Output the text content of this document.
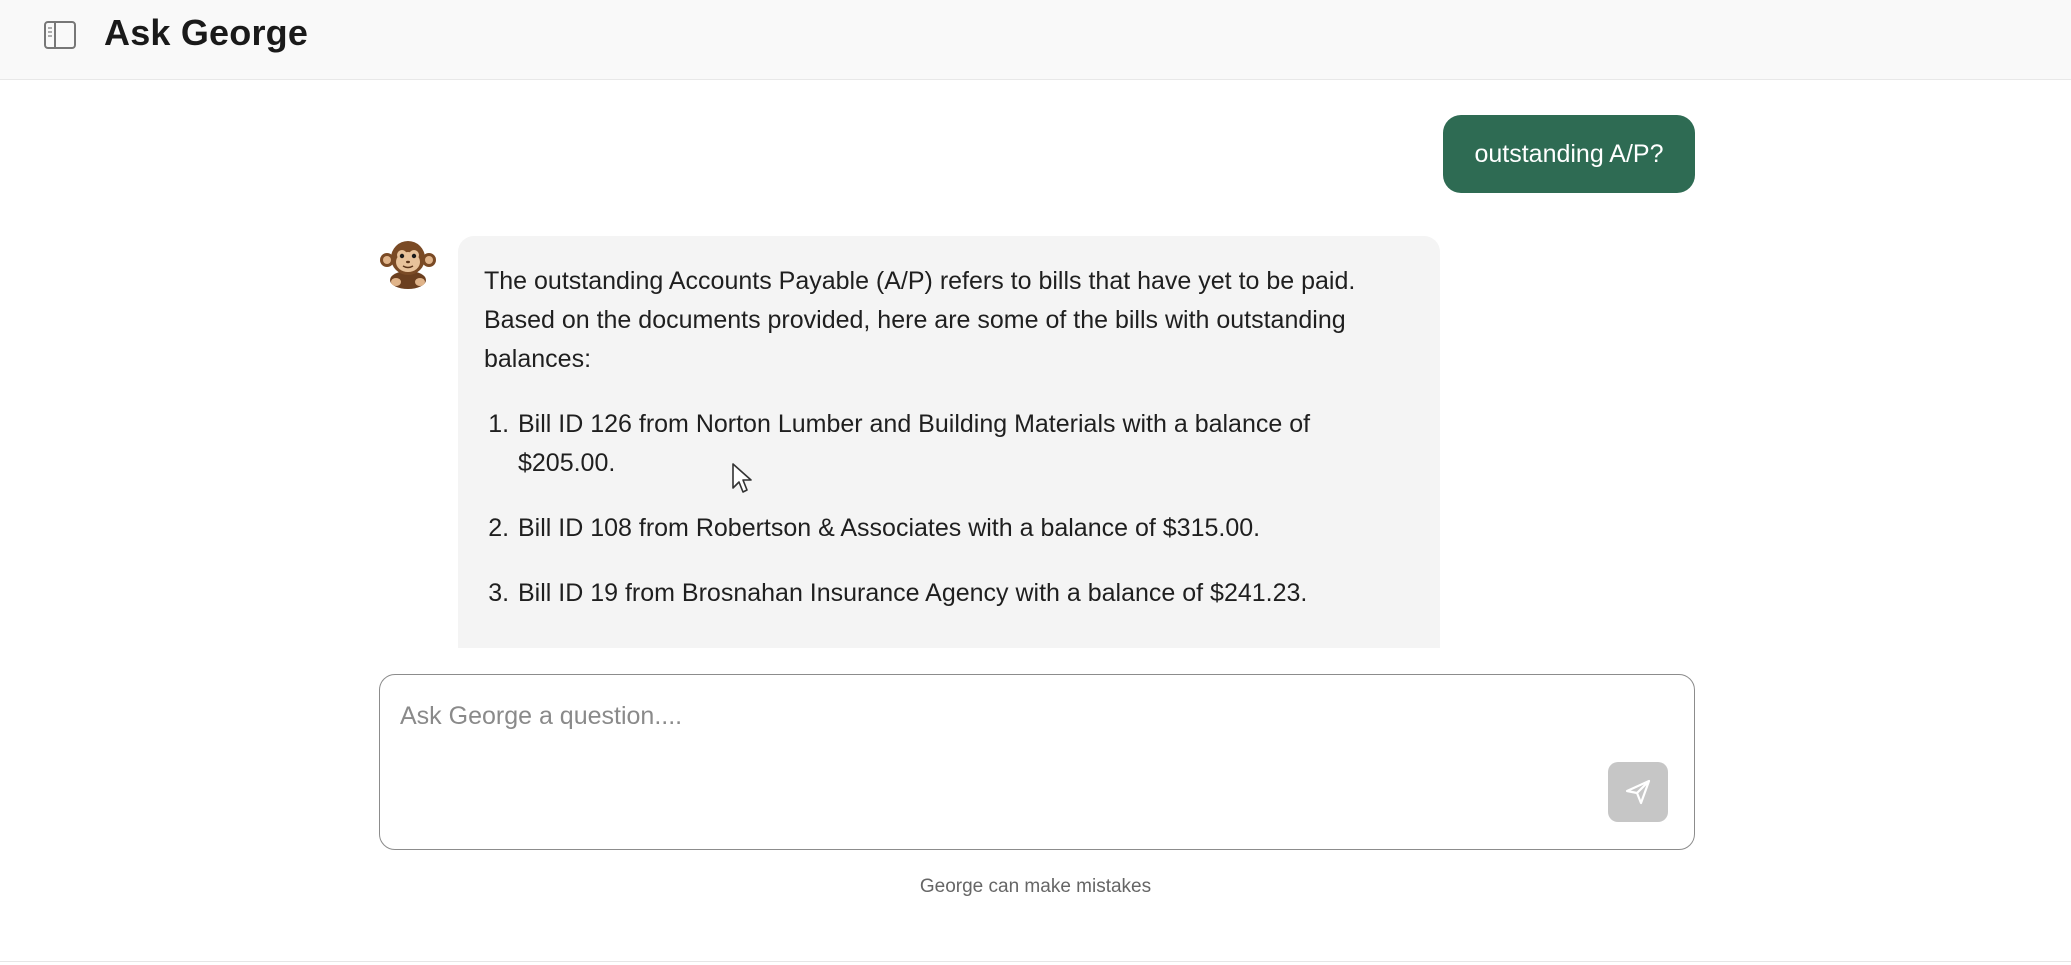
Ask George
outstanding A/P?

The outstanding Accounts Payable (A/P) refers to bills that have yet to be paid. Based on the documents provided, here are some of the bills with outstanding balances:

1. Bill ID 126 from Norton Lumber and Building Materials with a balance of $205.00.
2. Bill ID 108 from Robertson & Associates with a balance of $315.00.
3. Bill ID 19 from Brosnahan Insurance Agency with a balance of $241.23.
Ask George a question....
George can make mistakes
